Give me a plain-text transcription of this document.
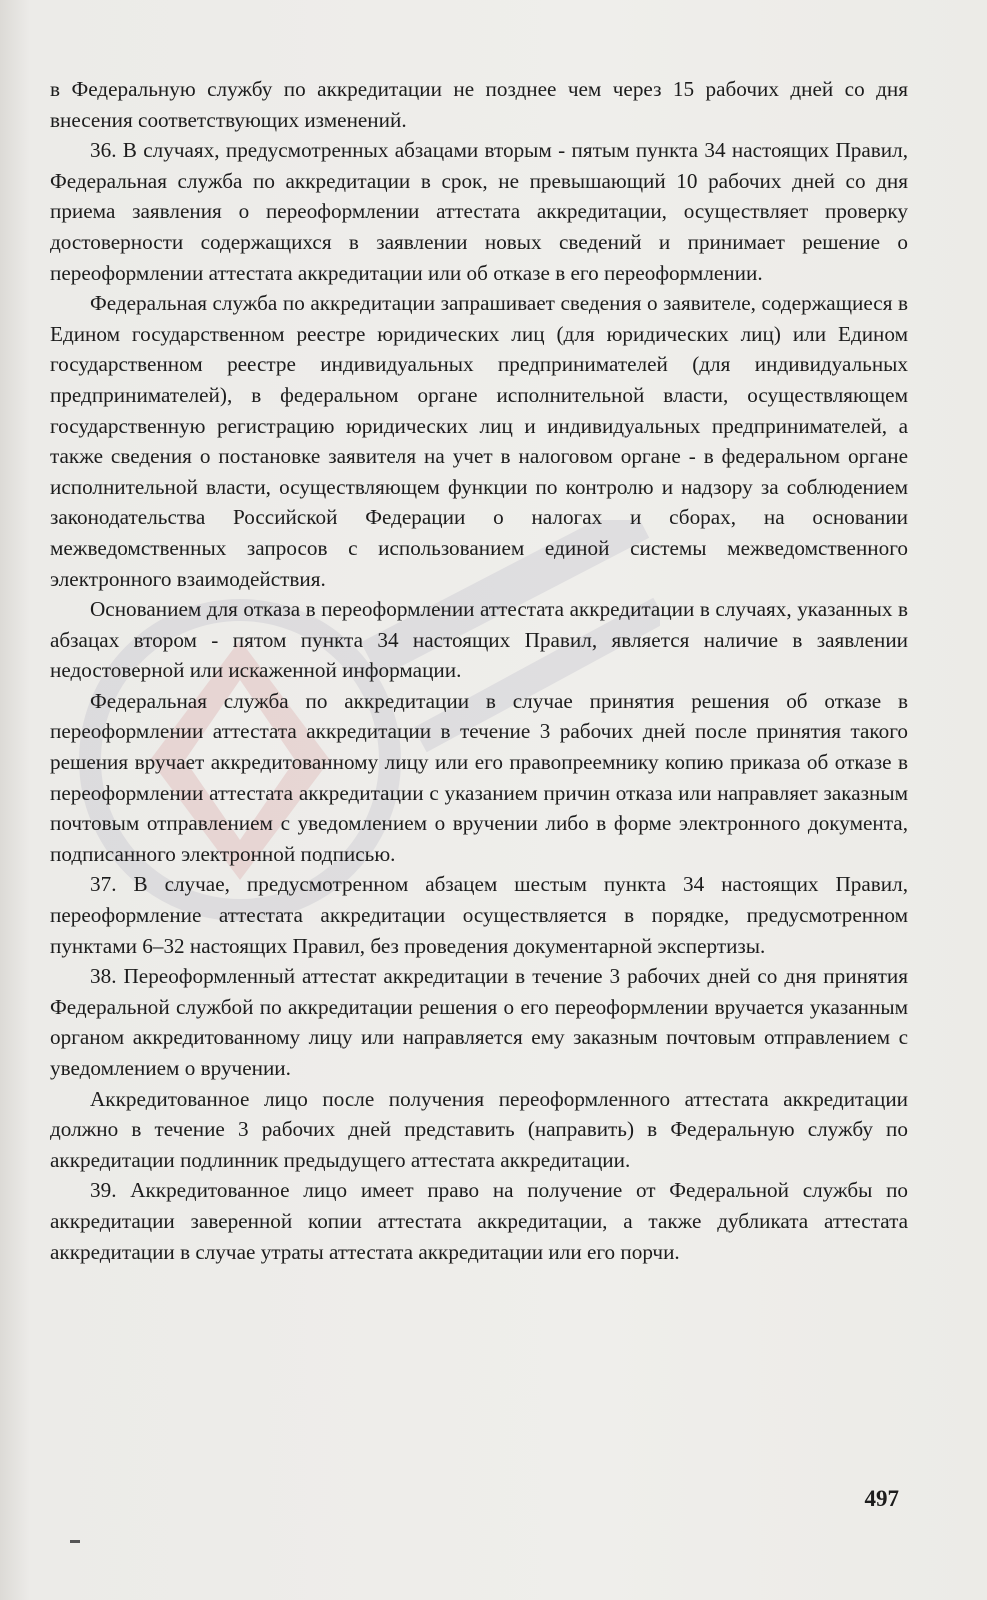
в Федеральную службу по аккредитации не позднее чем через 15 рабочих дней со дня внесения соответствующих изменений.

36. В случаях, предусмотренных абзацами вторым - пятым пункта 34 настоящих Правил, Федеральная служба по аккредитации в срок, не превышающий 10 рабочих дней со дня приема заявления о переоформлении аттестата аккредитации, осуществляет проверку достоверности содержащихся в заявлении новых сведений и принимает решение о переоформлении аттестата аккредитации или об отказе в его переоформлении.

Федеральная служба по аккредитации запрашивает сведения о заявителе, содержащиеся в Едином государственном реестре юридических лиц (для юридических лиц) или Едином государственном реестре индивидуальных предпринимателей (для индивидуальных предпринимателей), в федеральном органе исполнительной власти, осуществляющем государственную регистрацию юридических лиц и индивидуальных предпринимателей, а также сведения о постановке заявителя на учет в налоговом органе - в федеральном органе исполнительной власти, осуществляющем функции по контролю и надзору за соблюдением законодательства Российской Федерации о налогах и сборах, на основании межведомственных запросов с использованием единой системы межведомственного электронного взаимодействия.

Основанием для отказа в переоформлении аттестата аккредитации в случаях, указанных в абзацах втором - пятом пункта 34 настоящих Правил, является наличие в заявлении недостоверной или искаженной информации.

Федеральная служба по аккредитации в случае принятия решения об отказе в переоформлении аттестата аккредитации в течение 3 рабочих дней после принятия такого решения вручает аккредитованному лицу или его правопреемнику копию приказа об отказе в переоформлении аттестата аккредитации с указанием причин отказа или направляет заказным почтовым отправлением с уведомлением о вручении либо в форме электронного документа, подписанного электронной подписью.

37. В случае, предусмотренном абзацем шестым пункта 34 настоящих Правил, переоформление аттестата аккредитации осуществляется в порядке, предусмотренном пунктами 6–32 настоящих Правил, без проведения документарной экспертизы.

38. Переоформленный аттестат аккредитации в течение 3 рабочих дней со дня принятия Федеральной службой по аккредитации решения о его переоформлении вручается указанным органом аккредитованному лицу или направляется ему заказным почтовым отправлением с уведомлением о вручении.

Аккредитованное лицо после получения переоформленного аттестата аккредитации должно в течение 3 рабочих дней представить (направить) в Федеральную службу по аккредитации подлинник предыдущего аттестата аккредитации.

39. Аккредитованное лицо имеет право на получение от Федеральной службы по аккредитации заверенной копии аттестата аккредитации, а также дубликата аттестата аккредитации в случае утраты аттестата аккредитации или его порчи.

497
